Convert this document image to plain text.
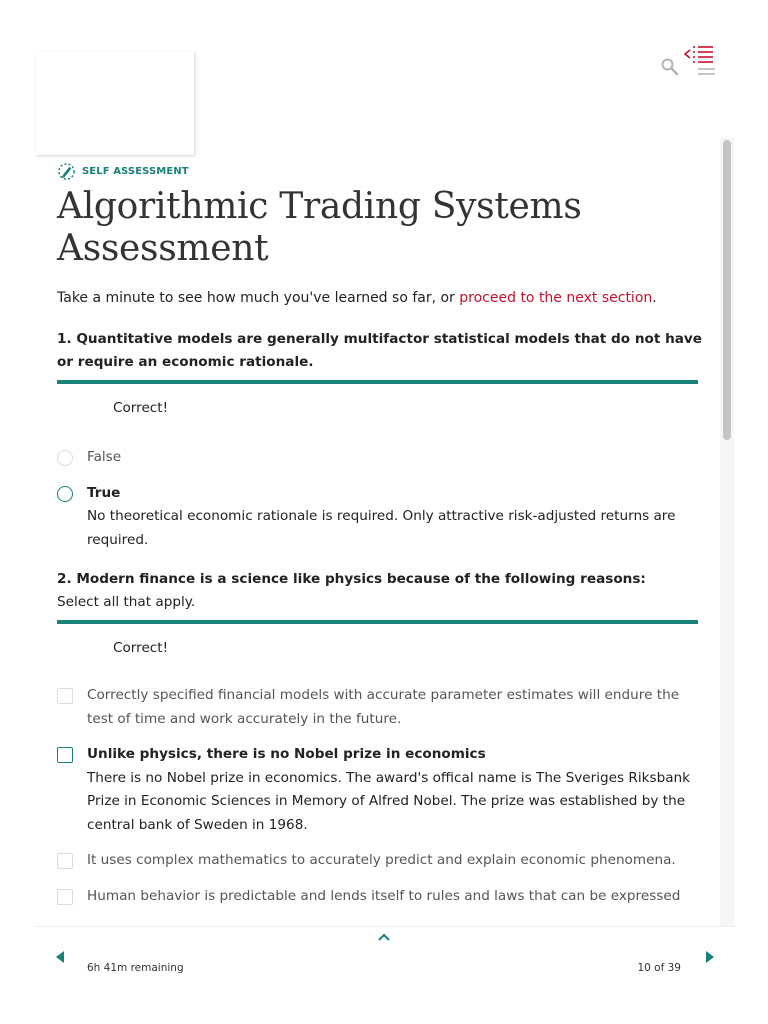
SELF ASSESSMENT
Algorithmic Trading Systems
Assessment

Take a minute to see how much you've learned so far, or proceed to the next section.

1. Quantitative models are generally multifactor statistical models that do not have or require an economic rationale.
Correct!
False
True
No theoretical economic rationale is required. Only attractive risk-adjusted returns are required.
2. Modern finance is a science like physics because of the following reasons:
Select all that apply.
Correct!
Correctly specified financial models with accurate parameter estimates will endure the test of time and work accurately in the future.
Unlike physics, there is no Nobel prize in economics
There is no Nobel prize in economics. The award's offical name is The Sveriges Riksbank Prize in Economic Sciences in Memory of Alfred Nobel. The prize was established by the central bank of Sweden in 1968.
It uses complex mathematics to accurately predict and explain economic phenomena.
Human behavior is predictable and lends itself to rules and laws that can be expressed
6h 41m remaining	10 of 39
